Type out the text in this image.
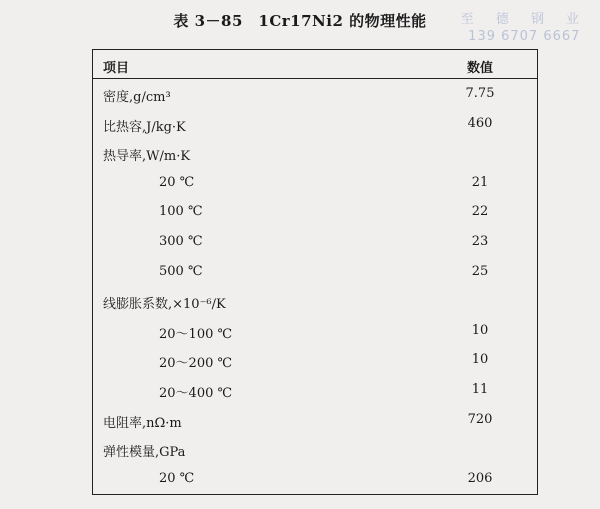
表 3－85　1Cr17Ni2 的物理性能	至 德 钢 业
139 6707 6667
项目	数值
密度,g/cm³	7.75
比热容,J/kg·K	460
热导率,W/m·K
20 ℃	21
100 ℃	22
300 ℃	23
500 ℃	25
线膨胀系数,×10⁻⁶/K
20～100 ℃	10
20～200 ℃	10
20～400 ℃	11
电阻率,nΩ·m	720
弹性模量,GPa
20 ℃	206
